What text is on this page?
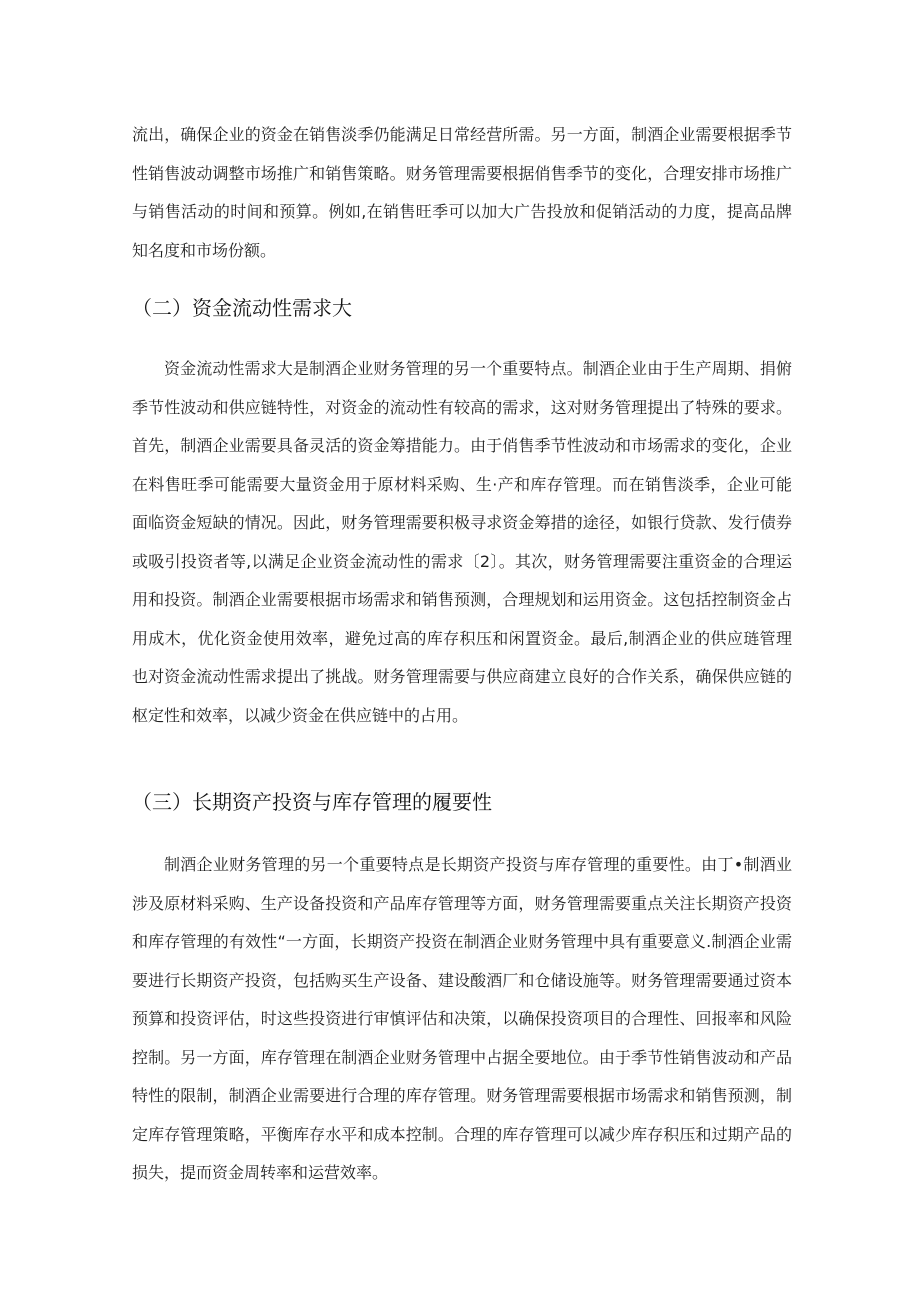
流出，确保企业的资金在销售淡季仍能满足日常经营所需。另一方面，制酒企业需要根据季节性销售波动调整市场推广和销售策略。财务管理需要根据俏售季节的变化，合理安排市场推广与销售活动的时间和预算。例如,在销售旺季可以加大广告投放和促销活动的力度，提高品牌知名度和市场份额。

（二）资金流动性需求大

资金流动性需求大是制酒企业财务管理的另一个重要特点。制酒企业由于生产周期、捐俯季节性波动和供应链特性，对资金的流动性有较高的需求，这对财务管理提出了特殊的要求。首先，制酒企业需要具备灵活的资金筹措能力。由于俏售季节性波动和市场需求的变化，企业在料售旺季可能需要大量资金用于原材料采购、生·产和库存管理。而在销售淡季，企业可能面临资金短缺的情况。因此，财务管理需要积极寻求资金筹措的途径，如银行贷款、发行债券或吸引投资者等,以满足企业资金流动性的需求〔2〕。其次，财务管理需要注重资金的合理运用和投资。制酒企业需要根据市场需求和销售预测，合理规划和运用资金。这包括控制资金占用成木，优化资金使用效率，避免过高的库存积压和闲置资金。最后,制酒企业的供应琏管理也对资金流动性需求提出了挑战。财务管理需要与供应商建立良好的合作关系，确保供应链的枢定性和效率，以减少资金在供应链中的占用。

（三）长期资产投资与库存管理的履要性

制酒企业财务管理的另一个重要特点是长期资产投资与库存管理的重要性。由丁•制酒业涉及原材料采购、生产设备投资和产品库存管理等方面，财务管理需要重点关注长期资产投资和库存管理的有效性“一方面，长期资产投资在制酒企业财务管理中具有重要意义.制酒企业需要进行长期资产投资，包括购买生产设备、建设酸酒厂和仓储设施等。财务管理需要通过资本预算和投资评估，时这些投资进行审慎评估和决策，以确保投资项目的合理性、回报率和风险控制。另一方面，库存管理在制酒企业财务管理中占据全要地位。由于季节性销售波动和产品特性的限制，制酒企业需要进行合理的库存管理。财务管理需要根据市场需求和销售预测，制定库存管理策略，平衡库存水平和成本控制。合理的库存管理可以减少库存积压和过期产品的损失，提而资金周转率和运营效率。
